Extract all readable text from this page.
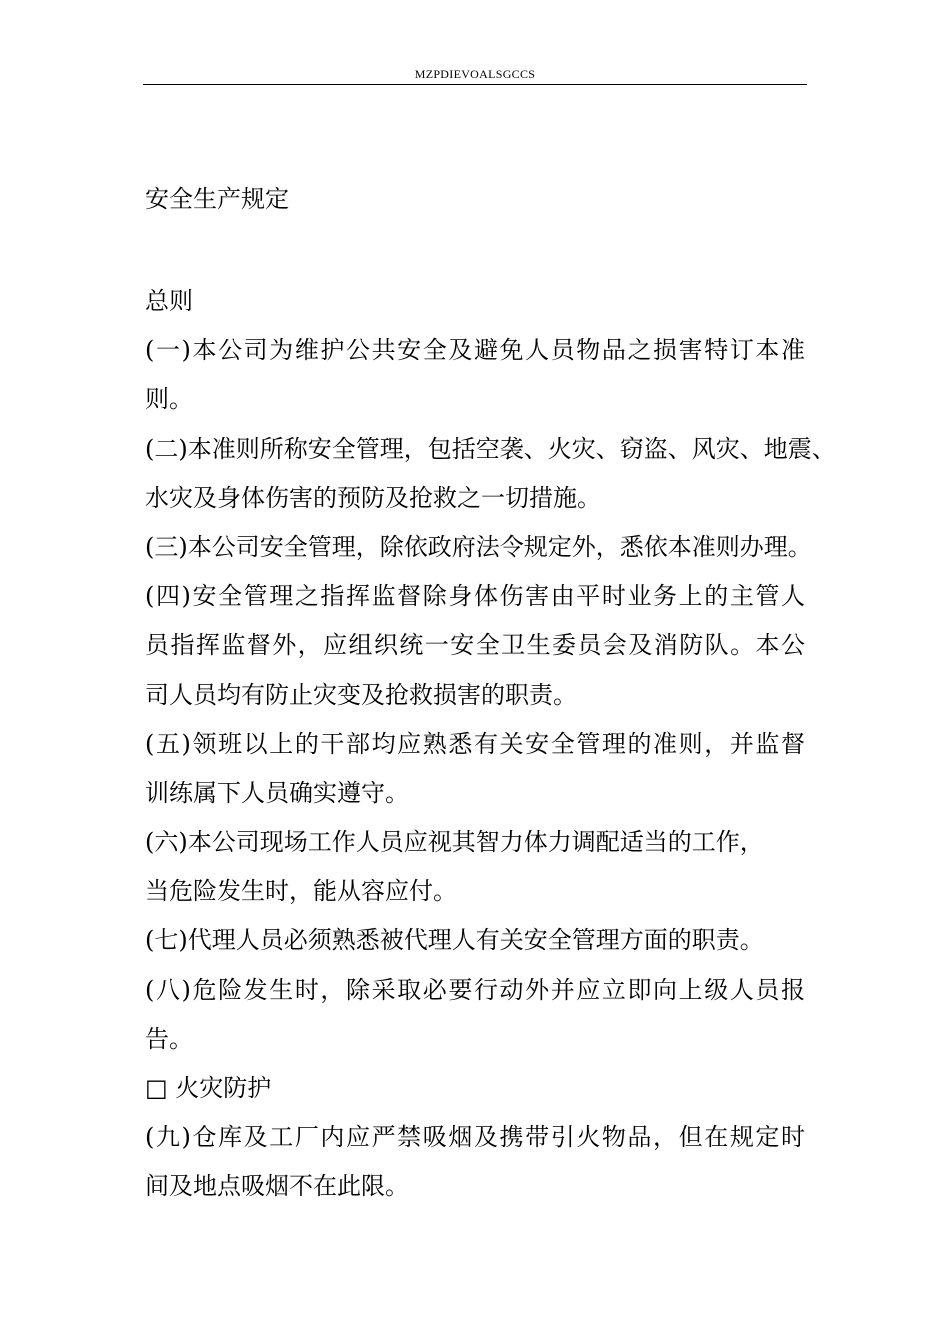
MZPDIEVOALSGCCS
安全生产规定
总则
(一)本公司为维护公共安全及避免人员物品之损害特订本准
则。
(二)本准则所称安全管理，包括空袭、火灾、窃盗、风灾、地震、
水灾及身体伤害的预防及抢救之一切措施。
(三)本公司安全管理，除依政府法令规定外，悉依本准则办理。
(四)安全管理之指挥监督除身体伤害由平时业务上的主管人
员指挥监督外，应组织统一安全卫生委员会及消防队。本公
司人员均有防止灾变及抢救损害的职责。
(五)领班以上的干部均应熟悉有关安全管理的准则，并监督
训练属下人员确实遵守。
(六)本公司现场工作人员应视其智力体力调配适当的工作，
当危险发生时，能从容应付。
(七)代理人员必须熟悉被代理人有关安全管理方面的职责。
(八)危险发生时，除采取必要行动外并应立即向上级人员报
告。
□ 火灾防护
(九)仓库及工厂内应严禁吸烟及携带引火物品，但在规定时
间及地点吸烟不在此限。
